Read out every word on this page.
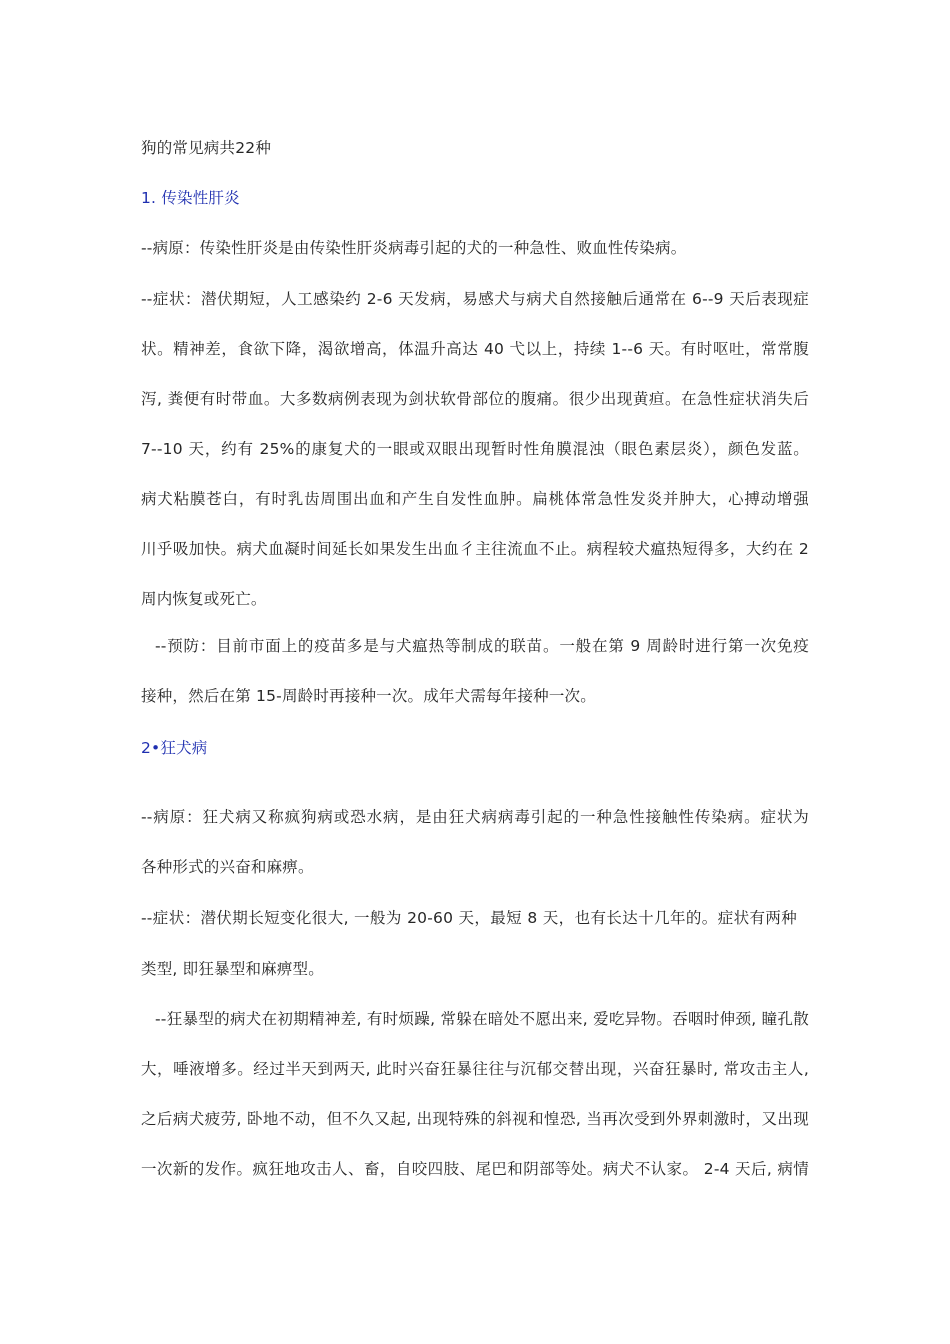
狗的常见病共22种
1. 传染性肝炎
--病原：传染性肝炎是由传染性肝炎病毒引起的犬的一种急性、败血性传染病。
--症状：潜伏期短，人工感染约 2-6 天发病，易感犬与病犬自然接触后通常在 6--9 天后表现症
状。精神差，食欲下降，渴欲增高，体温升高达 40 弋以上，持续 1--6 天。有时呕吐，常常腹
泻, 粪便有时带血。大多数病例表现为剑状软骨部位的腹痛。很少出现黄疸。在急性症状消失后
7--10 天，约有 25%的康复犬的一眼或双眼出现暂时性角膜混浊（眼色素层炎），颜色发蓝。
病犬粘膜苍白，有时乳齿周围出血和产生自发性血肿。扁桃体常急性发炎并肿大，心搏动增强
川乎吸加快。病犬血凝时间延长如果发生出血彳主往流血不止。病程较犬瘟热短得多，大约在 2
周内恢复或死亡。
--预防：目前市面上的疫苗多是与犬瘟热等制成的联苗。一般在第 9 周龄时进行第一次免疫
接种，然后在第 15-周龄时再接种一次。成年犬需每年接种一次。
2•狂犬病
--病原：狂犬病又称疯狗病或恐水病，是由狂犬病病毒引起的一种急性接触性传染病。症状为
各种形式的兴奋和麻痹。
--症状：潜伏期长短变化很大, 一般为 20-60 天，最短 8 天，也有长达十几年的。症状有两种
类型, 即狂暴型和麻痹型。
--狂暴型的病犬在初期精神差, 有时烦躁, 常躲在暗处不愿出来, 爱吃异物。吞咽时伸颈, 瞳孔散
大，唾液增多。经过半天到两天, 此时兴奋狂暴往往与沉郁交替出现，兴奋狂暴时, 常攻击主人,
之后病犬疲劳, 卧地不动，但不久又起, 出现特殊的斜视和惶恐, 当再次受到外界刺激时，又出现
一次新的发作。疯狂地攻击人、畜，自咬四肢、尾巴和阴部等处。病犬不认家。 2-4 天后, 病情
